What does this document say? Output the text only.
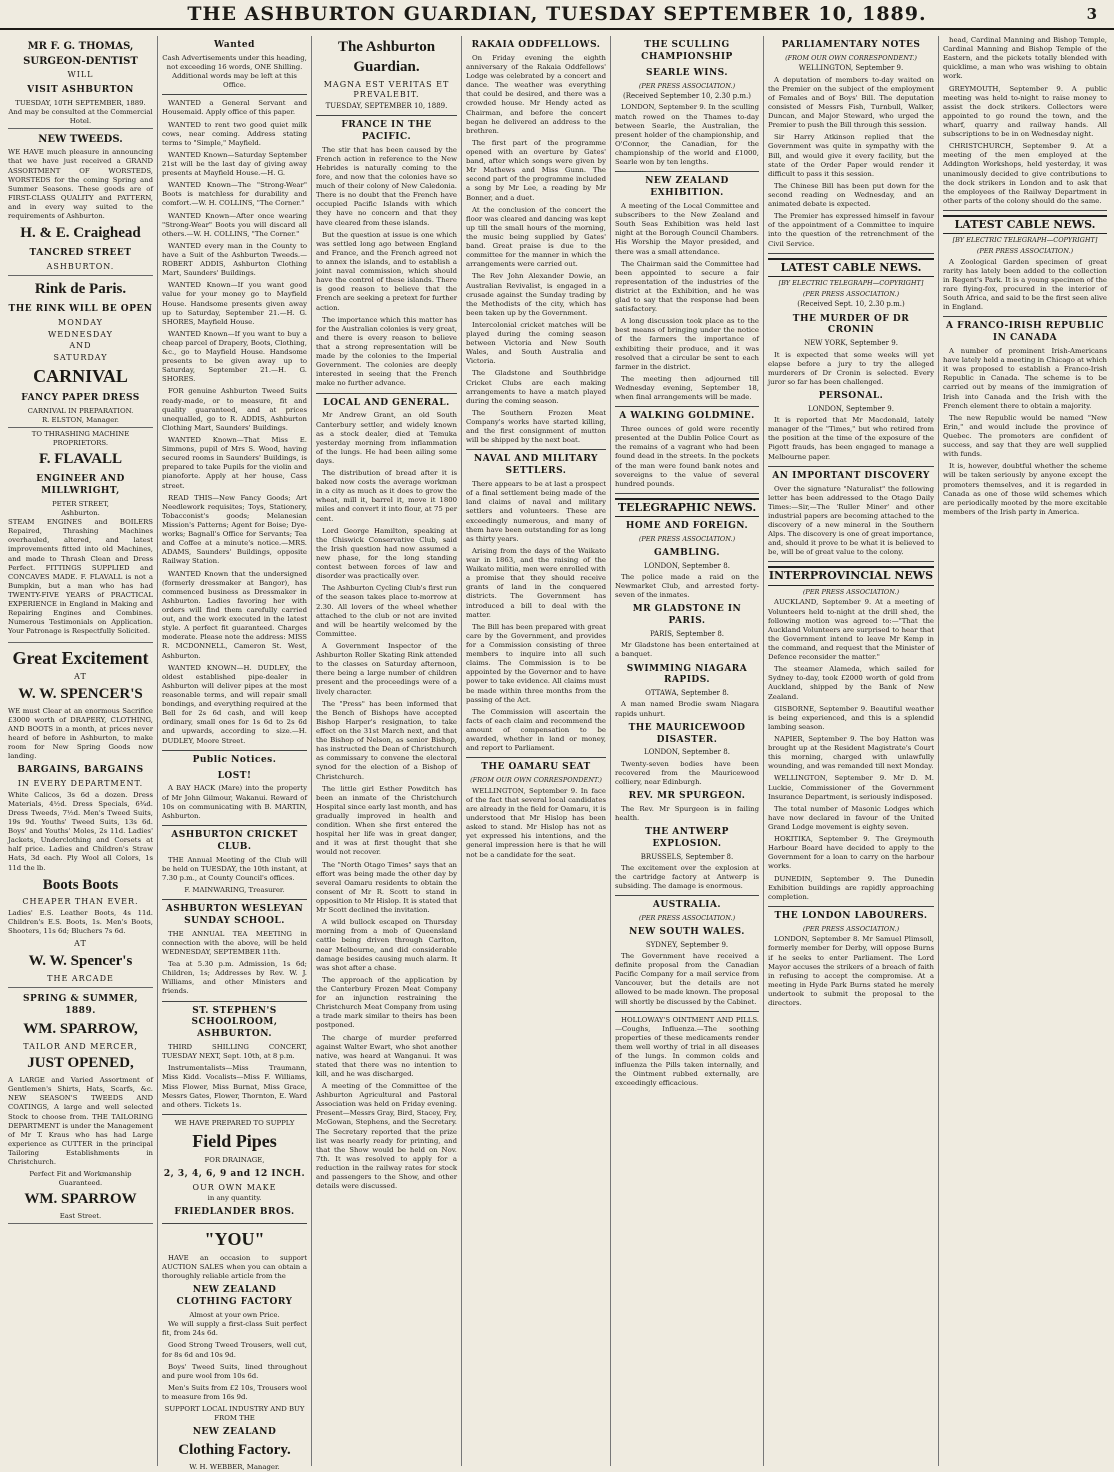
THE ASHBURTON GUARDIAN, TUESDAY SEPTEMBER 10, 1889.	3
MR F. G. THOMAS,
SURGEON-DENTIST
WILL
VISIT ASHBURTON
TUESDAY, 10TH SEPTEMBER, 1889.
And may be consulted at the Commercial Hotel.
NEW TWEEDS.

WE HAVE much pleasure in announcing that we have just received a GRAND ASSORTMENT OF WORSTEDS, WORSTEDS for the coming Spring and Summer Seasons. These goods are of FIRST-CLASS QUALITY and PATTERN, and in every way suited to the requirements of Ashburton.

H. & E. Craighead
TANCRED STREET
ASHBURTON.
Rink de Paris.
THE RINK WILL BE OPEN
MONDAY
WEDNESDAY
AND
SATURDAY
CARNIVAL
FANCY PAPER DRESS
CARNIVAL IN PREPARATION.
R. ELSTON, Manager.
TO THRASHING MACHINE PROPRIETORS.
F. FLAVALL
ENGINEER AND MILLWRIGHT,
PETER STREET,
Ashburton.

STEAM ENGINES and BOILERS Repaired, Thrashing Machines overhauled, altered, and latest improvements fitted into old Machines, and made to Thrash Clean and Dress Perfect. FITTINGS SUPPLIED and CONCAVES MADE. F. FLAVALL is not a Bumpkin, but a man who has had TWENTY-FIVE YEARS of PRACTICAL EXPERIENCE in England in Making and Repairing Engines and Combines. Numerous Testimonials on Application. Your Patronage is Respectfully Solicited.

Great Excitement
AT
W. W. SPENCER'S

WE must Clear at an enormous Sacrifice £3000 worth of DRAPERY, CLOTHING, AND BOOTS in a month, at prices never heard of before in Ashburton, to make room for New Spring Goods now landing.

BARGAINS, BARGAINS
IN EVERY DEPARTMENT.

White Calicos, 3s 6d a dozen. Dress Materials, 4½d. Dress Specials, 6¾d. Dress Tweeds, 7½d. Men's Tweed Suits, 19s 9d. Youths' Tweed Suits, 13s 6d. Boys' and Youths' Moles, 2s 11d. Ladies' Jackets, Underclothing and Corsets at half price. Ladies and Children's Straw Hats, 3d each. Ply Wool all Colors, 1s 11d the lb.

Boots Boots
CHEAPER THAN EVER.

Ladies' E.S. Leather Boots, 4s 11d. Children's E.S. Boots, 1s. Men's Boots, Shooters, 11s 6d; Bluchers 7s 6d.

AT
W. W. Spencer's
THE ARCADE
SPRING & SUMMER, 1889.
WM. SPARROW,
TAILOR AND MERCER,
JUST OPENED,

A LARGE and Varied Assortment of Gentlemen's Shirts, Hats, Scarfs, &c. NEW SEASON'S TWEEDS AND COATINGS, A large and well selected Stock to choose from. THE TAILORING DEPARTMENT is under the Management of Mr T. Kraus who has had Large experience as CUTTER in the principal Tailoring Establishments in Christchurch.

Perfect Fit and Workmanship Guaranteed.
WM. SPARROW
East Street.
Wanted

Cash Advertisements under this heading, not exceeding 16 words, ONE Shilling. Additional words may be left at this Office.

WANTED a General Servant and Housemaid. Apply office of this paper.

WANTED to rent two good quiet milk cows, near coming. Address stating terms to "Simple," Mayfield.

WANTED Known—Saturday September 21st will be the last day of giving away presents at Mayfield House.—H. G.

WANTED Known—The "Strong-Wear" Boots is matchless for durability and comfort.—W. H. COLLINS, "The Corner."

WANTED Known—After once wearing "Strong-Wear" Boots you will discard all others.—W. H. COLLINS, "The Corner."

WANTED every man in the County to have a Suit of the Ashburton Tweeds.—ROBERT ADDIS, Ashburton Clothing Mart, Saunders' Buildings.

WANTED Known—If you want good value for your money go to Mayfield House. Handsome presents given away up to Saturday, September 21.—H. G. SHORES, Mayfield House.

WANTED Known—If you want to buy a cheap parcel of Drapery, Boots, Clothing, &c., go to Mayfield House. Handsome presents to be given away up to Saturday, September 21.—H. G. SHORES.

FOR genuine Ashburton Tweed Suits ready-made, or to measure, fit and quality guaranteed, and at prices unequalled, go to R. ADDIS, Ashburton Clothing Mart, Saunders' Buildings.

WANTED Known—That Miss E. Simmons, pupil of Mrs S. Wood, having secured rooms in Saunders' Buildings, is prepared to take Pupils for the violin and pianoforte. Apply at her house, Cass street.

READ THIS—New Fancy Goods; Art Needlework requisites; Toys, Stationery, Tobacconist's goods; Melanesian Mission's Patterns; Agent for Boise; Dye-works; Bagnall's Office for Servants; Tea and Coffee at a minute's notice.—MRS. ADAMS, Saunders' Buildings, opposite Railway Station.

WANTED Known that the undersigned (formerly dressmaker at Bangor), has commenced business as Dressmaker in Ashburton. Ladies favoring her with orders will find them carefully carried out, and the work executed in the latest style. A perfect fit guaranteed. Charges moderate. Please note the address: MISS R. MCDONNELL, Cameron St. West, Ashburton.

WANTED KNOWN—H. DUDLEY, the oldest established pipe-dealer in Ashburton will deliver pipes at the most reasonable terms, and will repair small bondings, and everything required at the Bell for 2s 6d cash, and will keep ordinary, small ones for 1s 6d to 2s 6d and upwards, according to size.—H. DUDLEY, Moore Street.

Public Notices.
LOST!

A BAY HACK (Mare) into the property of Mr John Gilmour, Wakanui. Reward of 10s on communicating with B. MARTIN, Ashburton.

ASHBURTON CRICKET CLUB.

THE Annual Meeting of the Club will be held on TUESDAY, the 10th instant, at 7.30 p.m., at County Council's offices.

F. MAINWARING, Treasurer.

ASHBURTON WESLEYAN SUNDAY SCHOOL.

THE ANNUAL TEA MEETING in connection with the above, will be held WEDNESDAY, SEPTEMBER 11th.

Tea at 5.30 p.m. Admission, 1s 6d; Children, 1s; Addresses by Rev. W. J. Williams, and other Ministers and friends.

ST. STEPHEN'S SCHOOLROOM, ASHBURTON.

THIRD SHILLING CONCERT, TUESDAY NEXT, Sept. 10th, at 8 p.m.

Instrumentalists—Miss Traumann, Miss Kidd. Vocalists—Miss F. Williams, Miss Flower, Miss Burnat, Miss Grace, Messrs Gates, Flower, Thornton, E. Ward and others. Tickets 1s.

WE HAVE PREPARED TO SUPPLY
Field Pipes
FOR DRAINAGE,
2, 3, 4, 6, 9 and 12 INCH.
OUR OWN MAKE
in any quantity.
FRIEDLANDER BROS.
"YOU"

HAVE an occasion to support AUCTION SALES when you can obtain a thoroughly reliable article from the

NEW ZEALAND CLOTHING FACTORY
Almost at your own Price.

We will supply a first-class Suit perfect fit, from 24s 6d.

Good Strong Tweed Trousers, well cut, for 8s 6d and 10s 9d.

Boys' Tweed Suits, lined throughout and pure wool from 10s 6d.

Men's Suits from £2 10s, Trousers wool to measure from 16s 9d.

SUPPORT LOCAL INDUSTRY AND BUY FROM THE
NEW ZEALAND
Clothing Factory.
W. H. WEBBER, Manager.
The Ashburton Guardian.
MAGNA EST VERITAS ET PREVALEBIT.
TUESDAY, SEPTEMBER 10, 1889.
FRANCE IN THE PACIFIC.

The stir that has been caused by the French action in reference to the New Hebrides is naturally coming to the fore, and now that the colonies have so much of their colony of New Caledonia. There is no doubt that the French have occupied Pacific Islands with which they have no concern and that they have cleared from these islands.

But the question at issue is one which was settled long ago between England and France, and the French agreed not to annex the islands, and to establish a joint naval commission, which should have the control of these islands. There is good reason to believe that the French are seeking a pretext for further action.

The importance which this matter has for the Australian colonies is very great, and there is every reason to believe that a strong representation will be made by the colonies to the Imperial Government. The colonies are deeply interested in seeing that the French make no further advance.

LOCAL AND GENERAL.

Mr Andrew Grant, an old South Canterbury settler, and widely known as a stock dealer, died at Temuka yesterday morning from inflammation of the lungs. He had been ailing some days.

The distribution of bread after it is baked now costs the average workman in a city as much as it does to grow the wheat, mill it, barrel it, move it 1800 miles and convert it into flour, at 75 per cent.

Lord George Hamilton, speaking at the Chiswick Conservative Club, said the Irish question had now assumed a new phase, for the long standing contest between forces of law and disorder was practically over.

The Ashburton Cycling Club's first run of the season takes place to-morrow at 2.30. All lovers of the wheel whether attached to the club or not are invited and will be heartily welcomed by the Committee.

A Government Inspector of the Ashburton Roller Skating Rink attended to the classes on Saturday afternoon, there being a large number of children present and the proceedings were of a lively character.

The "Press" has been informed that the Bench of Bishops have accepted Bishop Harper's resignation, to take effect on the 31st March next, and that the Bishop of Nelson, as senior Bishop, has instructed the Dean of Christchurch as commissary to convene the electoral synod for the election of a Bishop of Christchurch.

The little girl Esther Powditch has been an inmate of the Christchurch Hospital since early last month, and has gradually improved in health and condition. When she first entered the hospital her life was in great danger, and it was at first thought that she would not recover.

The "North Otago Times" says that an effort was being made the other day by several Oamaru residents to obtain the consent of Mr R. Scott to stand in opposition to Mr Hislop. It is stated that Mr Scott declined the invitation.

A wild bullock escaped on Thursday morning from a mob of Queensland cattle being driven through Carlton, near Melbourne, and did considerable damage besides causing much alarm. It was shot after a chase.

The approach of the application by the Canterbury Frozen Meat Company for an injunction restraining the Christchurch Meat Company from using a trade mark similar to theirs has been postponed.

The charge of murder preferred against Walter Ewart, who shot another native, was heard at Wanganui. It was stated that there was no intention to kill, and he was discharged.

A meeting of the Committee of the Ashburton Agricultural and Pastoral Association was held on Friday evening. Present—Messrs Gray, Bird, Stacey, Fry, McGowan, Stephens, and the Secretary. The Secretary reported that the prize list was nearly ready for printing, and that the Show would be held on Nov. 7th. It was resolved to apply for a reduction in the railway rates for stock and passengers to the Show, and other details were discussed.

RAKAIA ODDFELLOWS.

On Friday evening the eighth anniversary of the Rakaia Oddfellows' Lodge was celebrated by a concert and dance. The weather was everything that could be desired, and there was a crowded house. Mr Hendy acted as Chairman, and before the concert began he delivered an address to the brethren.

The first part of the programme opened with an overture by Gates' band, after which songs were given by Mr Mathews and Miss Gunn. The second part of the programme included a song by Mr Lee, a reading by Mr Bonner, and a duet.

At the conclusion of the concert the floor was cleared and dancing was kept up till the small hours of the morning, the music being supplied by Gates' band. Great praise is due to the committee for the manner in which the arrangements were carried out.

The Rev John Alexander Dowie, an Australian Revivalist, is engaged in a crusade against the Sunday trading by the Methodists of the city, which has been taken up by the Government.

Intercolonial cricket matches will be played during the coming season between Victoria and New South Wales, and South Australia and Victoria.

The Gladstone and Southbridge Cricket Clubs are each making arrangements to have a match played during the coming season.

The Southern Frozen Meat Company's works have started killing, and the first consignment of mutton will be shipped by the next boat.

NAVAL AND MILITARY SETTLERS.

There appears to be at last a prospect of a final settlement being made of the land claims of naval and military settlers and volunteers. These are exceedingly numerous, and many of them have been outstanding for as long as thirty years.

Arising from the days of the Waikato war in 1863, and the raising of the Waikato militia, men were enrolled with a promise that they should receive grants of land in the conquered districts. The Government has introduced a bill to deal with the matter.

The Bill has been prepared with great care by the Government, and provides for a Commission consisting of three members to inquire into all such claims. The Commission is to be appointed by the Governor and to have power to take evidence. All claims must be made within three months from the passing of the Act.

The Commission will ascertain the facts of each claim and recommend the amount of compensation to be awarded, whether in land or money, and report to Parliament.

THE OAMARU SEAT
(FROM OUR OWN CORRESPONDENT.)

WELLINGTON, September 9. In face of the fact that several local candidates are already in the field for Oamaru, it is understood that Mr Hislop has been asked to stand. Mr Hislop has not as yet expressed his intentions, and the general impression here is that he will not be a candidate for the seat.

THE SCULLING CHAMPIONSHIP
SEARLE WINS.
(PER PRESS ASSOCIATION.)
(Received September 10, 2.30 p.m.)

LONDON, September 9. In the sculling match rowed on the Thames to-day between Searle, the Australian, the present holder of the championship, and O'Connor, the Canadian, for the championship of the world and £1000, Searle won by ten lengths.

NEW ZEALAND EXHIBITION.

A meeting of the Local Committee and subscribers to the New Zealand and South Seas Exhibition was held last night at the Borough Council Chambers. His Worship the Mayor presided, and there was a small attendance.

The Chairman said the Committee had been appointed to secure a fair representation of the industries of the district at the Exhibition, and he was glad to say that the response had been satisfactory.

A long discussion took place as to the best means of bringing under the notice of the farmers the importance of exhibiting their produce, and it was resolved that a circular be sent to each farmer in the district.

The meeting then adjourned till Wednesday evening, September 18, when final arrangements will be made.

A WALKING GOLDMINE.

Three ounces of gold were recently presented at the Dublin Police Court as the remains of a vagrant who had been found dead in the streets. In the pockets of the man were found bank notes and sovereigns to the value of several hundred pounds.

TELEGRAPHIC NEWS.
HOME AND FOREIGN.
(PER PRESS ASSOCIATION.)
GAMBLING.
LONDON, September 8.

The police made a raid on the Newmarket Club, and arrested forty-seven of the inmates.

MR GLADSTONE IN PARIS.
PARIS, September 8.

Mr Gladstone has been entertained at a banquet.

SWIMMING NIAGARA RAPIDS.
OTTAWA, September 8.

A man named Brodie swam Niagara rapids unhurt.

THE MAURICEWOOD DISASTER.
LONDON, September 8.

Twenty-seven bodies have been recovered from the Mauricewood colliery, near Edinburgh.

REV. MR SPURGEON.

The Rev. Mr Spurgeon is in failing health.

THE ANTWERP EXPLOSION.
BRUSSELS, September 8.

The excitement over the explosion at the cartridge factory at Antwerp is subsiding. The damage is enormous.

AUSTRALIA.
(PER PRESS ASSOCIATION.)
NEW SOUTH WALES.
SYDNEY, September 9.

The Government have received a definite proposal from the Canadian Pacific Company for a mail service from Vancouver, but the details are not allowed to be made known. The proposal will shortly be discussed by the Cabinet.

HOLLOWAY'S OINTMENT AND PILLS.—Coughs, Influenza.—The soothing properties of these medicaments render them well worthy of trial in all diseases of the lungs. In common colds and influenza the Pills taken internally, and the Ointment rubbed externally, are exceedingly efficacious.

PARLIAMENTARY NOTES
(FROM OUR OWN CORRESPONDENT.)
WELLINGTON, September 9.

A deputation of members to-day waited on the Premier on the subject of the employment of Females and of Boys' Bill. The deputation consisted of Messrs Fish, Turnbull, Walker, Duncan, and Major Steward, who urged the Premier to push the Bill through this session.

Sir Harry Atkinson replied that the Government was quite in sympathy with the Bill, and would give it every facility, but the state of the Order Paper would render it difficult to pass it this session.

The Chinese Bill has been put down for the second reading on Wednesday, and an animated debate is expected.

The Premier has expressed himself in favour of the appointment of a Committee to inquire into the question of the retrenchment of the Civil Service.

LATEST CABLE NEWS.
[BY ELECTRIC TELEGRAPH—COPYRIGHT]
(PER PRESS ASSOCIATION.)
(Received Sept. 10, 2.30 p.m.)
THE MURDER OF DR CRONIN
NEW YORK, September 9.

It is expected that some weeks will yet elapse before a jury to try the alleged murderers of Dr Cronin is selected. Every juror so far has been challenged.

PERSONAL.
LONDON, September 9.

It is reported that Mr Macdonald, lately manager of the "Times," but who retired from the position at the time of the exposure of the Pigott frauds, has been engaged to manage a Melbourne paper.

AN IMPORTANT DISCOVERY

Over the signature "Naturalist" the following letter has been addressed to the Otago Daily Times:—Sir,—The 'Ruller Miner' and other industrial papers are becoming attached to the discovery of a new mineral in the Southern Alps. The discovery is one of great importance, and, should it prove to be what it is believed to be, will be of great value to the colony.

INTERPROVINCIAL NEWS
(PER PRESS ASSOCIATION.)

AUCKLAND, September 9. At a meeting of Volunteers held to-night at the drill shed, the following motion was agreed to:—"That the Auckland Volunteers are surprised to hear that the Government intend to leave Mr Kemp in the command, and request that the Minister of Defence reconsider the matter."

The steamer Alameda, which sailed for Sydney to-day, took £2000 worth of gold from Auckland, shipped by the Bank of New Zealand.

GISBORNE, September 9. Beautiful weather is being experienced, and this is a splendid lambing season.

NAPIER, September 9. The boy Hatton was brought up at the Resident Magistrate's Court this morning, charged with unlawfully wounding, and was remanded till next Monday.

WELLINGTON, September 9. Mr D. M. Luckie, Commissioner of the Government Insurance Department, is seriously indisposed.

The total number of Masonic Lodges which have now declared in favour of the United Grand Lodge movement is eighty seven.

HOKITIKA, September 9. The Greymouth Harbour Board have decided to apply to the Government for a loan to carry on the harbour works.

DUNEDIN, September 9. The Dunedin Exhibition buildings are rapidly approaching completion.

THE LONDON LABOURERS.
(PER PRESS ASSOCIATION.)

LONDON, September 8. Mr Samuel Plimsoll, formerly member for Derby, will oppose Burns if he seeks to enter Parliament. The Lord Mayor accuses the strikers of a breach of faith in refusing to accept the compromise. At a meeting in Hyde Park Burns stated he merely undertook to submit the proposal to the directors.

head, Cardinal Manning and Bishop Temple, Cardinal Manning and Bishop Temple of the Eastern, and the pickets totally blended with quicklime, a man who was wishing to obtain work.

GREYMOUTH, September 9. A public meeting was held to-night to raise money to assist the dock strikers. Collectors were appointed to go round the town, and the wharf, quarry and railway hands. All subscriptions to be in on Wednesday night.

CHRISTCHURCH, September 9. At a meeting of the men employed at the Addington Workshops, held yesterday, it was unanimously decided to give contributions to the dock strikers in London and to ask that the employees of the Railway Department in other parts of the colony should do the same.

LATEST CABLE NEWS.
[BY ELECTRIC TELEGRAPH—COPYRIGHT]
(PER PRESS ASSOCIATION.)

A Zoological Garden specimen of great rarity has lately been added to the collection in Regent's Park. It is a young specimen of the rare flying-fox, procured in the interior of South Africa, and said to be the first seen alive in England.

A FRANCO-IRISH REPUBLIC IN CANADA

A number of prominent Irish-Americans have lately held a meeting in Chicago at which it was proposed to establish a Franco-Irish Republic in Canada. The scheme is to be carried out by means of the immigration of Irish into Canada and the Irish with the French element there to obtain a majority.

The new Republic would be named "New Erin," and would include the province of Quebec. The promoters are confident of success, and say that they are well supplied with funds.

It is, however, doubtful whether the scheme will be taken seriously by anyone except the promoters themselves, and it is regarded in Canada as one of those wild schemes which are periodically mooted by the more excitable members of the Irish party in America.
